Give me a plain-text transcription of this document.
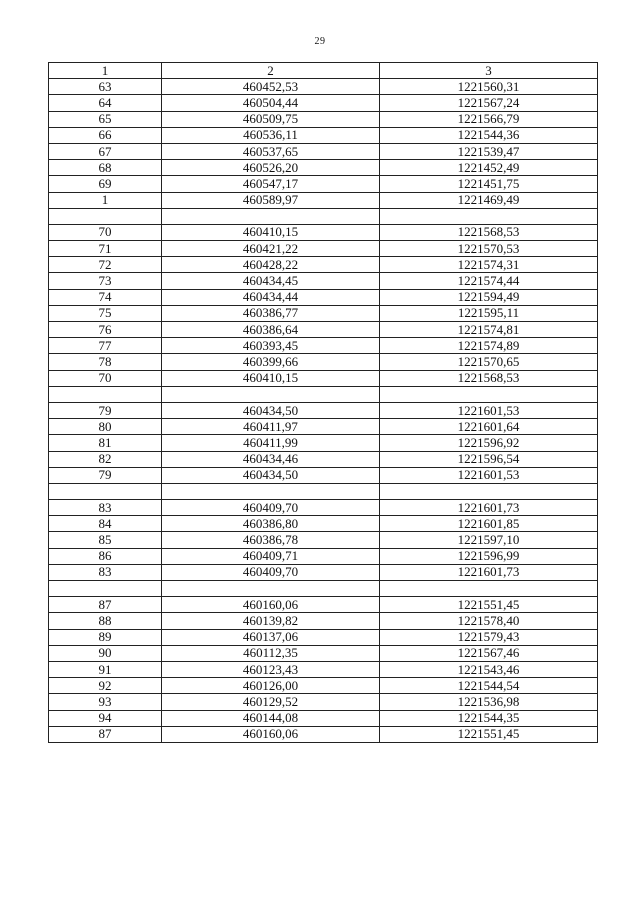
29
1	2	3
63	460452,53	1221560,31
64	460504,44	1221567,24
65	460509,75	1221566,79
66	460536,11	1221544,36
67	460537,65	1221539,47
68	460526,20	1221452,49
69	460547,17	1221451,75
1	460589,97	1221469,49

70	460410,15	1221568,53
71	460421,22	1221570,53
72	460428,22	1221574,31
73	460434,45	1221574,44
74	460434,44	1221594,49
75	460386,77	1221595,11
76	460386,64	1221574,81
77	460393,45	1221574,89
78	460399,66	1221570,65
70	460410,15	1221568,53

79	460434,50	1221601,53
80	460411,97	1221601,64
81	460411,99	1221596,92
82	460434,46	1221596,54
79	460434,50	1221601,53

83	460409,70	1221601,73
84	460386,80	1221601,85
85	460386,78	1221597,10
86	460409,71	1221596,99
83	460409,70	1221601,73

87	460160,06	1221551,45
88	460139,82	1221578,40
89	460137,06	1221579,43
90	460112,35	1221567,46
91	460123,43	1221543,46
92	460126,00	1221544,54
93	460129,52	1221536,98
94	460144,08	1221544,35
87	460160,06	1221551,45
